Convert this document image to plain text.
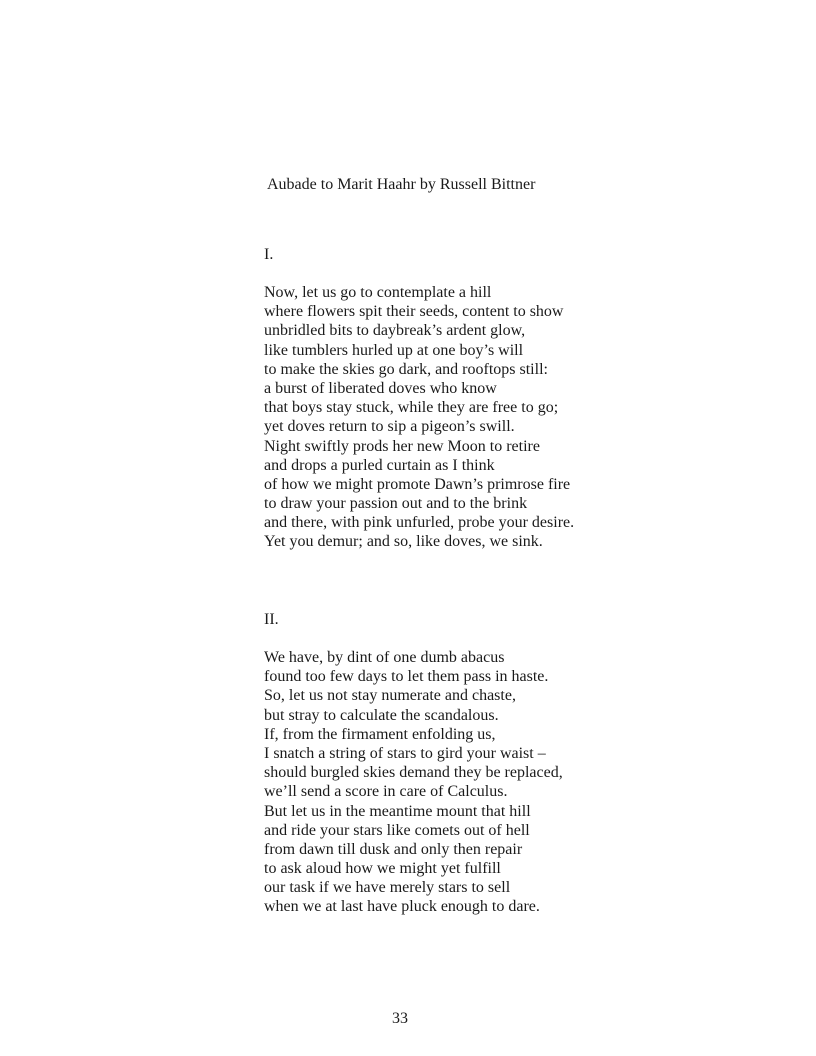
Aubade to Marit Haahr by Russell Bittner
I.
Now, let us go to contemplate a hill
where flowers spit their seeds, content to show
unbridled bits to daybreak’s ardent glow,
like tumblers hurled up at one boy’s will
to make the skies go dark, and rooftops still:
a burst of liberated doves who know
that boys stay stuck, while they are free to go;
yet doves return to sip a pigeon’s swill.
Night swiftly prods her new Moon to retire
and drops a purled curtain as I think
of how we might promote Dawn’s primrose fire
to draw your passion out and to the brink
and there, with pink unfurled, probe your desire.
Yet you demur; and so, like doves, we sink.
II.
We have, by dint of one dumb abacus
found too few days to let them pass in haste.
So, let us not stay numerate and chaste,
but stray to calculate the scandalous.
If, from the firmament enfolding us,
I snatch a string of stars to gird your waist –
should burgled skies demand they be replaced,
we’ll send a score in care of Calculus.
But let us in the meantime mount that hill
and ride your stars like comets out of hell
from dawn till dusk and only then repair
to ask aloud how we might yet fulfill
our task if we have merely stars to sell
when we at last have pluck enough to dare.
33
